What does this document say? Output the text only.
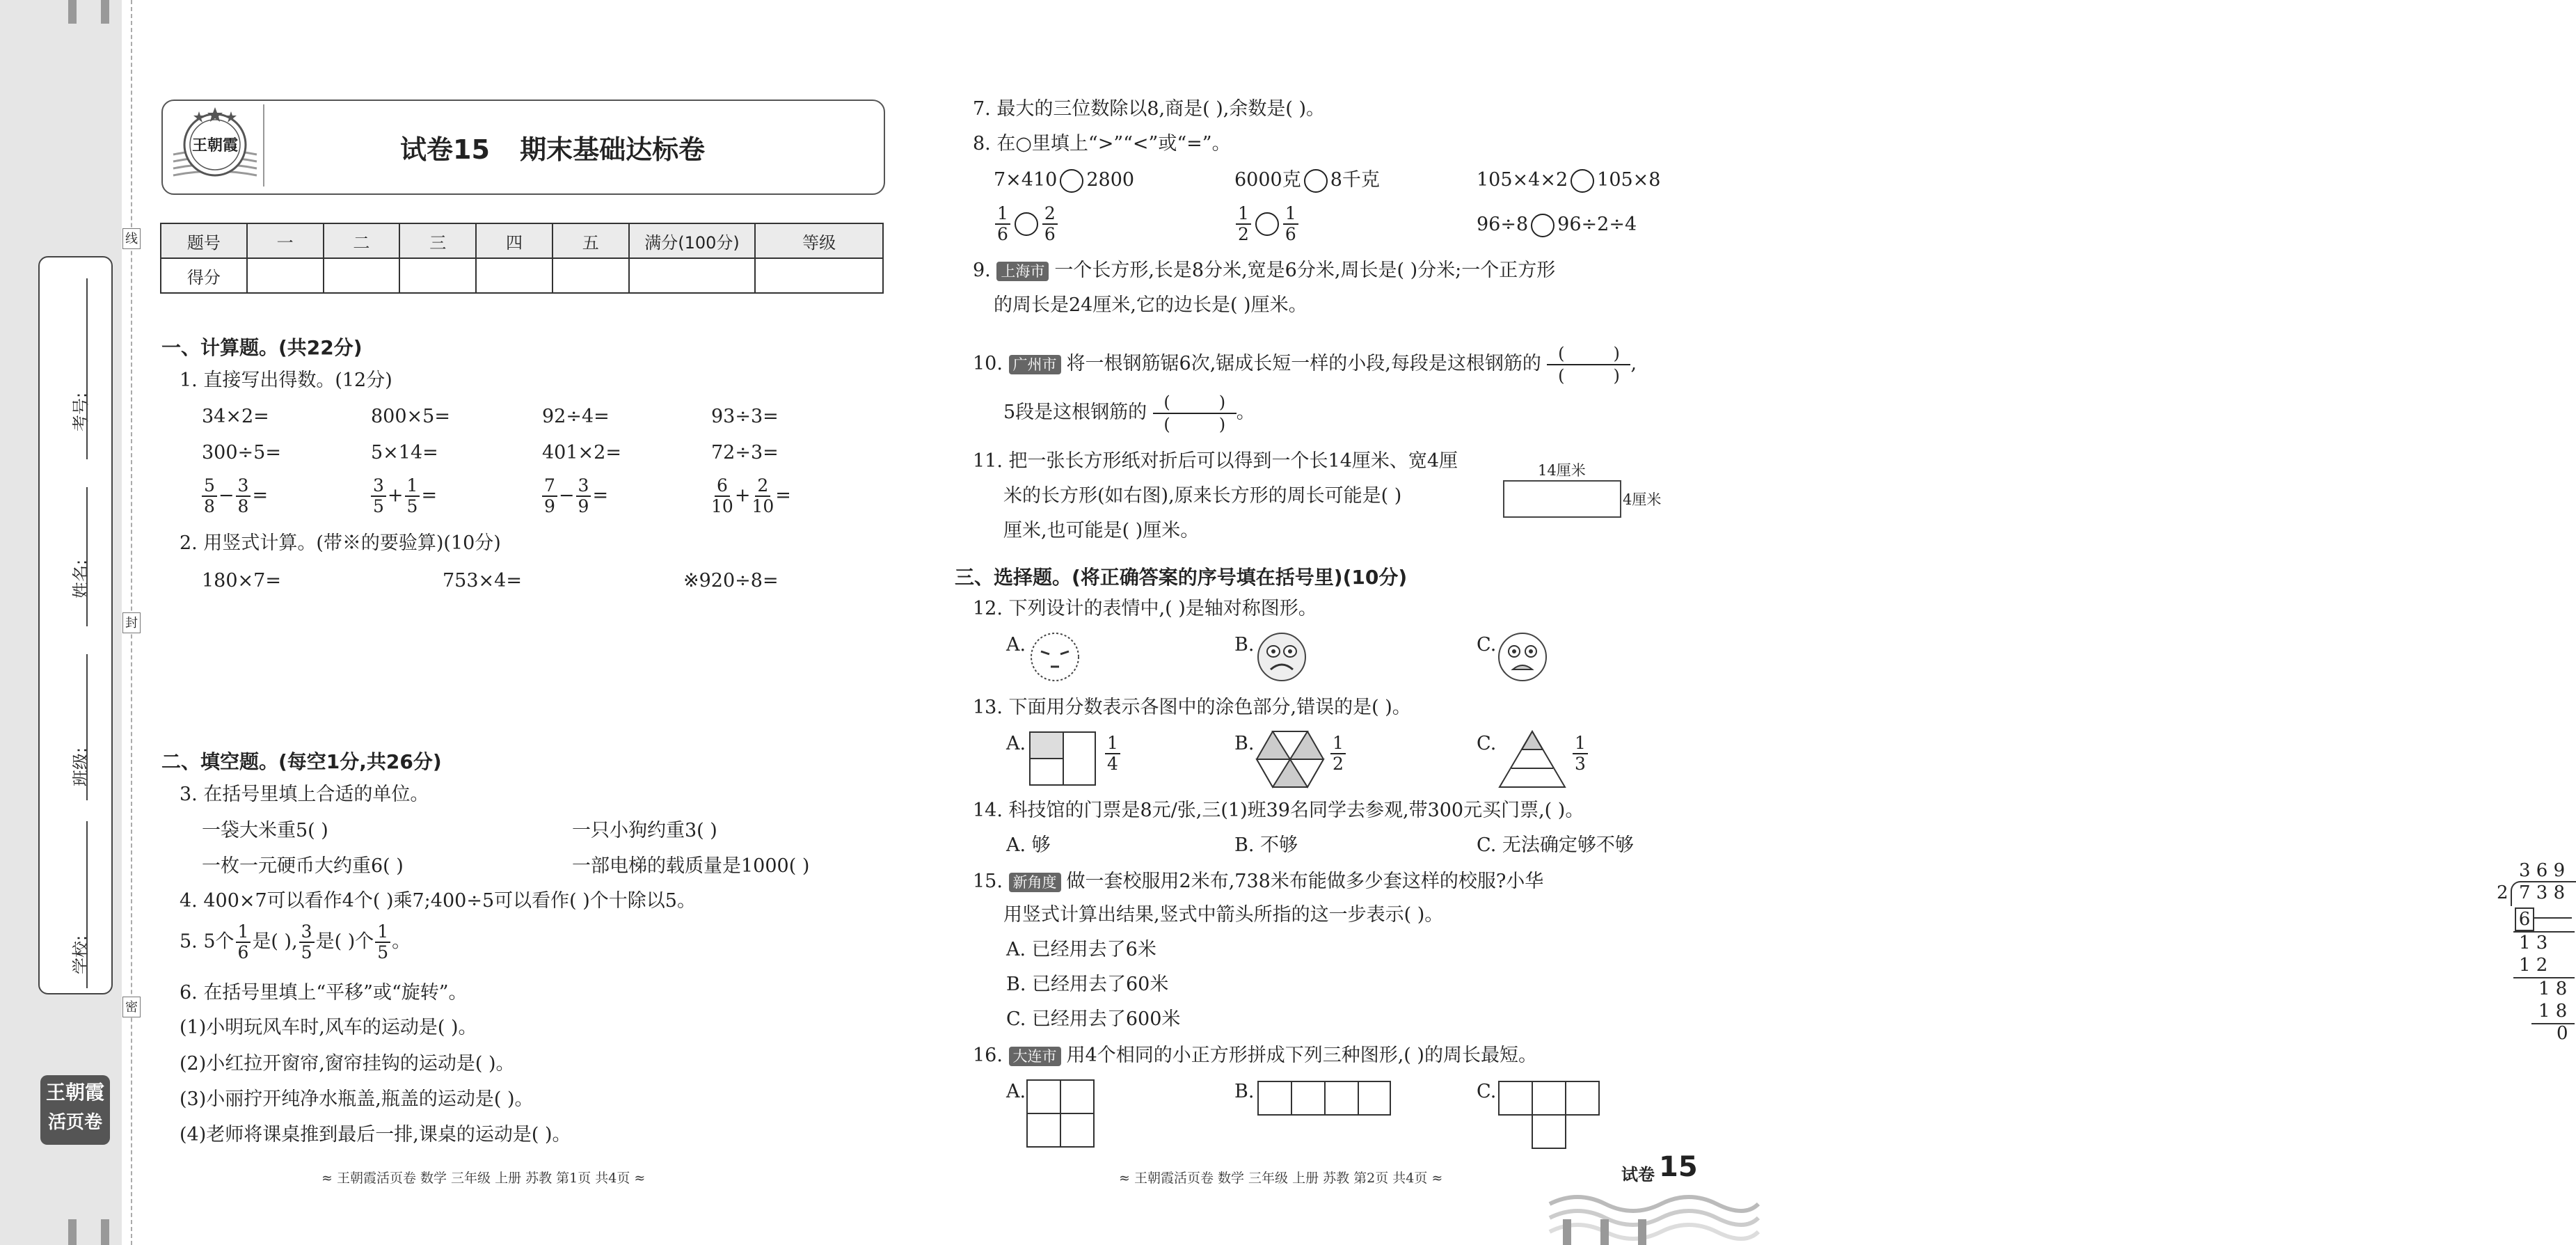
线
封
密
考号:
姓名:
班级:
学校:
王朝霞
活页卷
王朝霞	试卷15 期末基础达标卷
题号	一	二	三	四	五	满分(100分)	等级
得分							
一、计算题。(共22分)
1. 直接写出得数。(12分)
34×2=	800×5=	92÷4=	93÷3=
300÷5=	5×14=	401×2=	72÷3=
$\frac{5}{8} - \frac{3}{8}$ =	$\frac{3}{5} + \frac{1}{5}$ =	$\frac{7}{9} - \frac{3}{9}$ =	$\frac{6}{10} + \frac{2}{10}$ =
2. 用竖式计算。(带※的要验算)(10分)
180×7=	753×4=	※920÷8=
二、填空题。(每空1分,共26分)
3. 在括号里填上合适的单位。
一袋大米重5( )	一只小狗约重3( )
一枚一元硬币大约重6( )	一部电梯的载质量是1000( )
4. 400×7可以看作4个( )乘7;400÷5可以看作( )个十除以5。
5. 5个 $\frac{1}{6}$ 是( ), $\frac{3}{5}$ 是( )个 $\frac{1}{5}$ 。
6. 在括号里填上“平移”或“旋转”。
(1)小明玩风车时,风车的运动是( )。
(2)小红拉开窗帘,窗帘挂钩的运动是( )。
(3)小丽拧开纯净水瓶盖,瓶盖的运动是( )。
(4)老师将课桌推到最后一排,课桌的运动是( )。
≈ 王朝霞活页卷 数学 三年级 上册 苏教 第1页 共4页 ≈
7. 最大的三位数除以8,商是( ),余数是( )。
8. 在○里填上“>”“<”或“=”。
7×410 2800	6000克 8千克	105×4×2 105×8
$\frac{1}{6} \frac{2}{6}$	$\frac{1}{2} \frac{1}{6}$	96÷8 96÷2÷4
9. 上海市 一个长方形,长是8分米,宽是6分米,周长是( )分米;一个正方形
的周长是24厘米,它的边长是( )厘米。
10. 广州市 将一根钢筋锯6次,锯成长短一样的小段,每段是这根钢筋的 (	)
(	) ,
5段是这根钢筋的 (	)
(	) 。
11. 把一张长方形纸对折后可以得到一个长14厘米、宽4厘
米的长方形(如右图),原来长方形的周长可能是( )
厘米,也可能是( )厘米。
14厘米
4厘米
三、选择题。(将正确答案的序号填在括号里)(10分)
12. 下列设计的表情中,( )是轴对称图形。
A.	B.	C.
13. 下面用分数表示各图中的涂色部分,错误的是( )。
A.	$\frac{1}{4}$	B.	$\frac{1}{2}$	C.	$\frac{1}{3}$
14. 科技馆的门票是8元/张,三(1)班39名同学去参观,带300元买门票,( )。
A. 够	B. 不够	C. 无法确定够不够
15. 新角度 做一套校服用2米布,738米布能做多少套这样的校服?小华
用竖式计算出结果,竖式中箭头所指的这一步表示( )。
A. 已经用去了6米
B. 已经用去了60米
C. 已经用去了600米
3 6 9
2 7 3 8
6
1 3
1 2
1 8
1 8
0
16. 大连市 用4个相同的小正方形拼成下列三种图形,( )的周长最短。
A.	B.	C.
≈ 王朝霞活页卷 数学 三年级 上册 苏教 第2页 共4页 ≈	试卷 15
